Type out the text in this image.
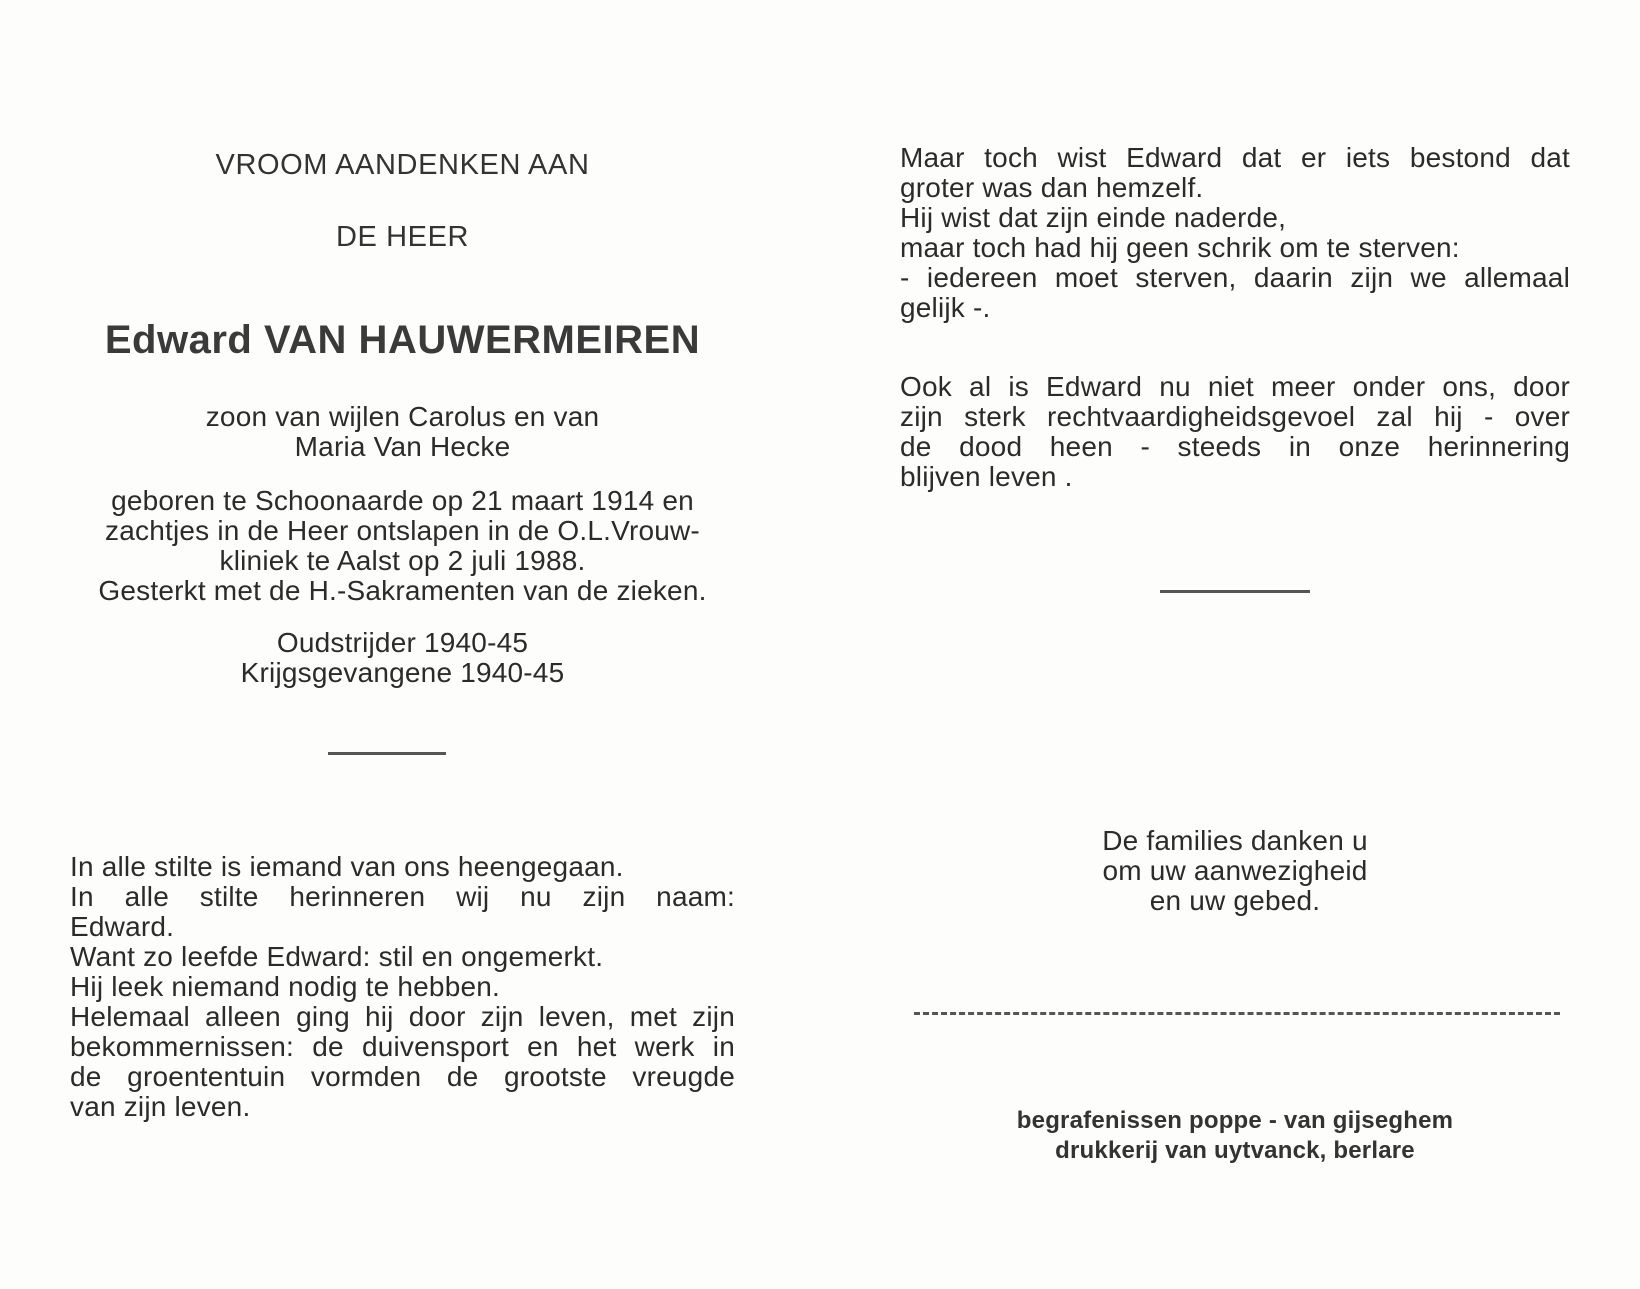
VROOM AANDENKEN AAN
DE HEER
Edward VAN HAUWERMEIREN
zoon van wijlen Carolus en van
Maria Van Hecke
geboren te Schoonaarde op 21 maart 1914 en
zachtjes in de Heer ontslapen in de O.L.Vrouw-
kliniek te Aalst op 2 juli 1988.
Gesterkt met de H.-Sakramenten van de zieken.
Oudstrijder 1940-45
Krijgsgevangene 1940-45
In alle stilte is iemand van ons heengegaan.
In alle stilte herinneren wij nu zijn naam:
Edward.
Want zo leefde Edward: stil en ongemerkt.
Hij leek niemand nodig te hebben.
Helemaal alleen ging hij door zijn leven, met zijn
bekommernissen: de duivensport en het werk in
de groententuin vormden de grootste vreugde
van zijn leven.
Maar toch wist Edward dat er iets bestond dat
groter was dan hemzelf.
Hij wist dat zijn einde naderde,
maar toch had hij geen schrik om te sterven:
- iedereen moet sterven, daarin zijn we allemaal
gelijk -.
Ook al is Edward nu niet meer onder ons, door
zijn sterk rechtvaardigheidsgevoel zal hij - over
de dood heen - steeds in onze herinnering
blijven leven .
De families danken u
om uw aanwezigheid
en uw gebed.
begrafenissen poppe - van gijseghem
drukkerij van uytvanck, berlare
